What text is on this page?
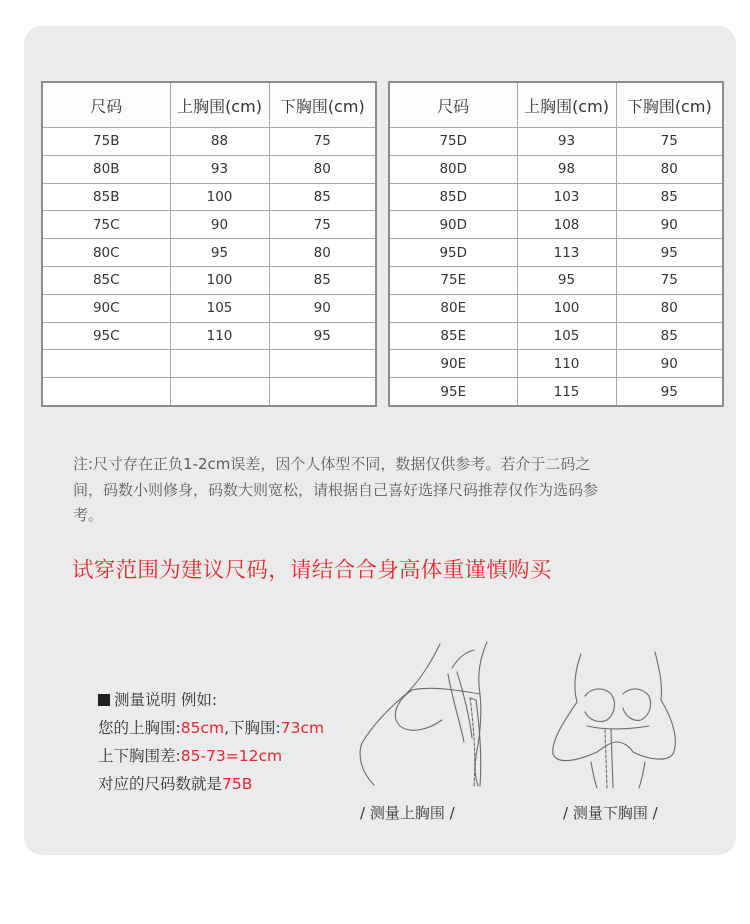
尺码	上胸围(cm)	下胸围(cm)
75B	88	75
80B	93	80
85B	100	85
75C	90	75
80C	95	80
85C	100	85
90C	105	90
95C	110	95

尺码	上胸围(cm)	下胸围(cm)
75D	93	75
80D	98	80
85D	103	85
90D	108	90
95D	113	95
75E	95	75
80E	100	80
85E	105	85
90E	110	90
95E	115	95

注:尺寸存在正负1-2cm误差，因个人体型不同，数据仅供参考。若介于二码之间，码数小则修身，码数大则宽松，请根据自己喜好选择尺码推荐仅作为选码参考。

试穿范围为建议尺码，请结合合身高体重谨慎购买

测量说明 例如:
您的上胸围:85cm,下胸围:73cm
上下胸围差:85-73=12cm
对应的尺码数就是75B
/ 测量上胸围 /	/ 测量下胸围 /
